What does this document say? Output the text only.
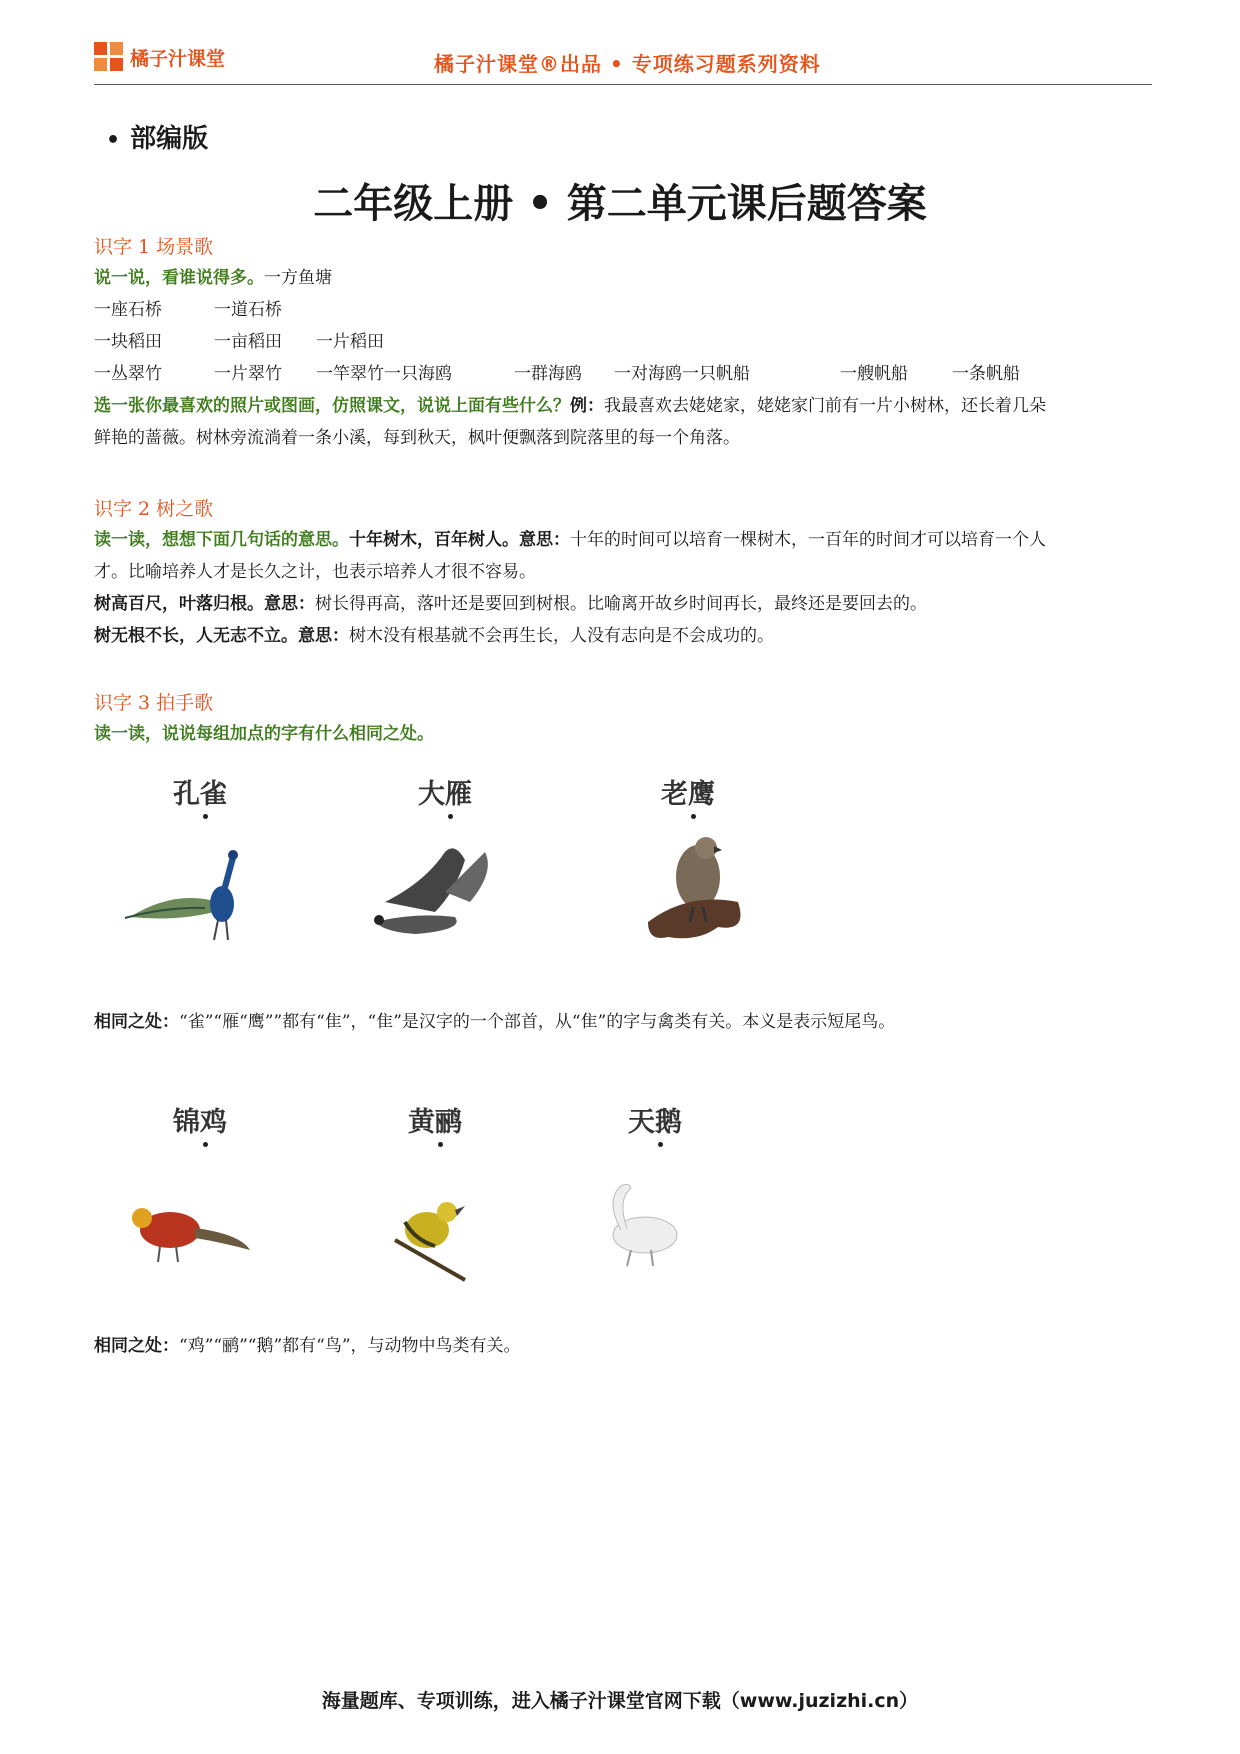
橘子汁课堂	橘子汁课堂®出品 • 专项练习题系列资料
• 部编版
二年级上册 • 第二单元课后题答案
识字 1 场景歌
说一说，看谁说得多。一方鱼塘
一座石桥	一道石桥
一块稻田	一亩稻田 一片稻田
一丛翠竹	一片翠竹 一竿翠竹一只海鸥	一群海鸥 一对海鸥一只帆船	一艘帆船	一条帆船
选一张你最喜欢的照片或图画，仿照课文，说说上面有些什么？例：我最喜欢去姥姥家，姥姥家门前有一片小树林，还长着几朵
鲜艳的蔷薇。树林旁流淌着一条小溪，每到秋天，枫叶便飘落到院落里的每一个角落。
识字 2 树之歌
读一读，想想下面几句话的意思。十年树木，百年树人。意思：十年的时间可以培育一棵树木，一百年的时间才可以培育一个人
才。比喻培养人才是长久之计，也表示培养人才很不容易。
树高百尺，叶落归根。意思：树长得再高，落叶还是要回到树根。比喻离开故乡时间再长，最终还是要回去的。
树无根不长，人无志不立。意思：树木没有根基就不会再生长，人没有志向是不会成功的。
识字 3 拍手歌
读一读，说说每组加点的字有什么相同之处。
孔雀	大雁	老鹰
相同之处：“雀”“雁“鹰””都有“隹”，“隹”是汉字的一个部首，从“隹”的字与禽类有关。本义是表示短尾鸟。
锦鸡	黄鹂	天鹅
相同之处：“鸡”“鹂”“鹅”都有“鸟”，与动物中鸟类有关。
海量题库、专项训练，进入橘子汁课堂官网下载（www.juzizhi.cn）
